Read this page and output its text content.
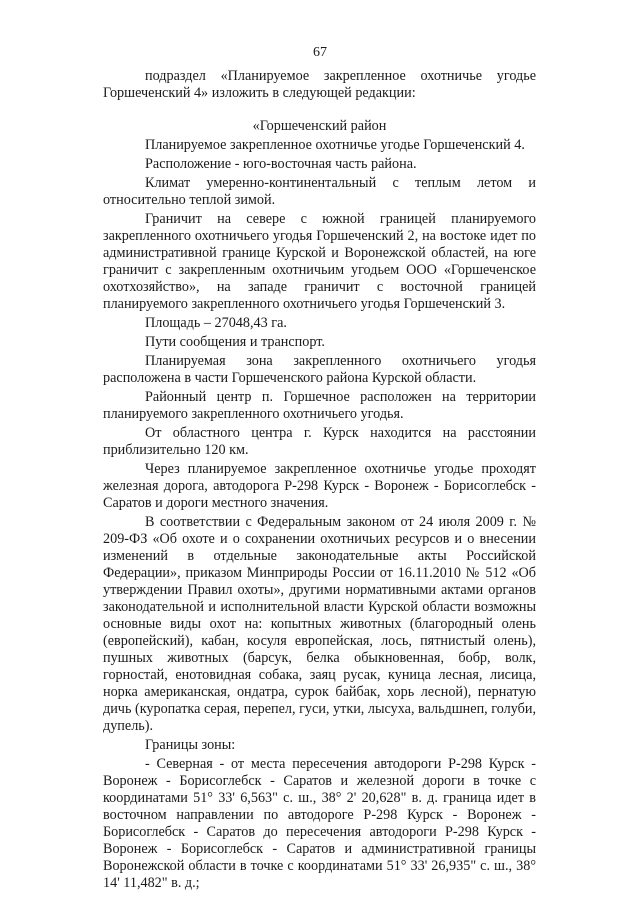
67

подраздел «Планируемое закрепленное охотничье угодье Горшеченский 4» изложить в следующей редакции:

«Горшеченский район

Планируемое закрепленное охотничье угодье Горшеченский 4.

Расположение - юго-восточная часть района.

Климат умеренно-континентальный с теплым летом и относительно теплой зимой.

Граничит на севере с южной границей планируемого закрепленного охотничьего угодья Горшеченский 2, на востоке идет по административной границе Курской и Воронежской областей, на юге граничит с закрепленным охотничьим угодьем ООО «Горшеченское охотхозяйство», на западе граничит с восточной границей планируемого закрепленного охотничьего угодья Горшеченский 3.

Площадь – 27048,43 га.

Пути сообщения и транспорт.

Планируемая зона закрепленного охотничьего угодья расположена в части Горшеченского района Курской области.

Районный центр п. Горшечное расположен на территории планируемого закрепленного охотничьего угодья.

От областного центра г. Курск находится на расстоянии приблизительно 120 км.

Через планируемое закрепленное охотничье угодье проходят железная дорога, автодорога Р-298 Курск - Воронеж - Борисоглебск - Саратов и дороги местного значения.

В соответствии с Федеральным законом от 24 июля 2009 г. № 209-ФЗ «Об охоте и о сохранении охотничьих ресурсов и о внесении изменений в отдельные законодательные акты Российской Федерации», приказом Минприроды России от 16.11.2010 № 512 «Об утверждении Правил охоты», другими нормативными актами органов законодательной и исполнительной власти Курской области возможны основные виды охот на: копытных животных (благородный олень (европейский), кабан, косуля европейская, лось, пятнистый олень), пушных животных (барсук, белка обыкновенная, бобр, волк, горностай, енотовидная собака, заяц русак, куница лесная, лисица, норка американская, ондатра, сурок байбак, хорь лесной), пернатую дичь (куропатка серая, перепел, гуси, утки, лысуха, вальдшнеп, голуби, дупель).

Границы зоны:

- Северная - от места пересечения автодороги Р-298 Курск - Воронеж - Борисоглебск - Саратов и железной дороги в точке с координатами 51° 33' 6,563" с. ш., 38° 2' 20,628" в. д. граница идет в восточном направлении по автодороге Р-298 Курск - Воронеж - Борисоглебск - Саратов до пересечения автодороги Р-298 Курск - Воронеж - Борисоглебск - Саратов и административной границы Воронежской области в точке с координатами 51° 33' 26,935" с. ш., 38° 14' 11,482" в. д.;
